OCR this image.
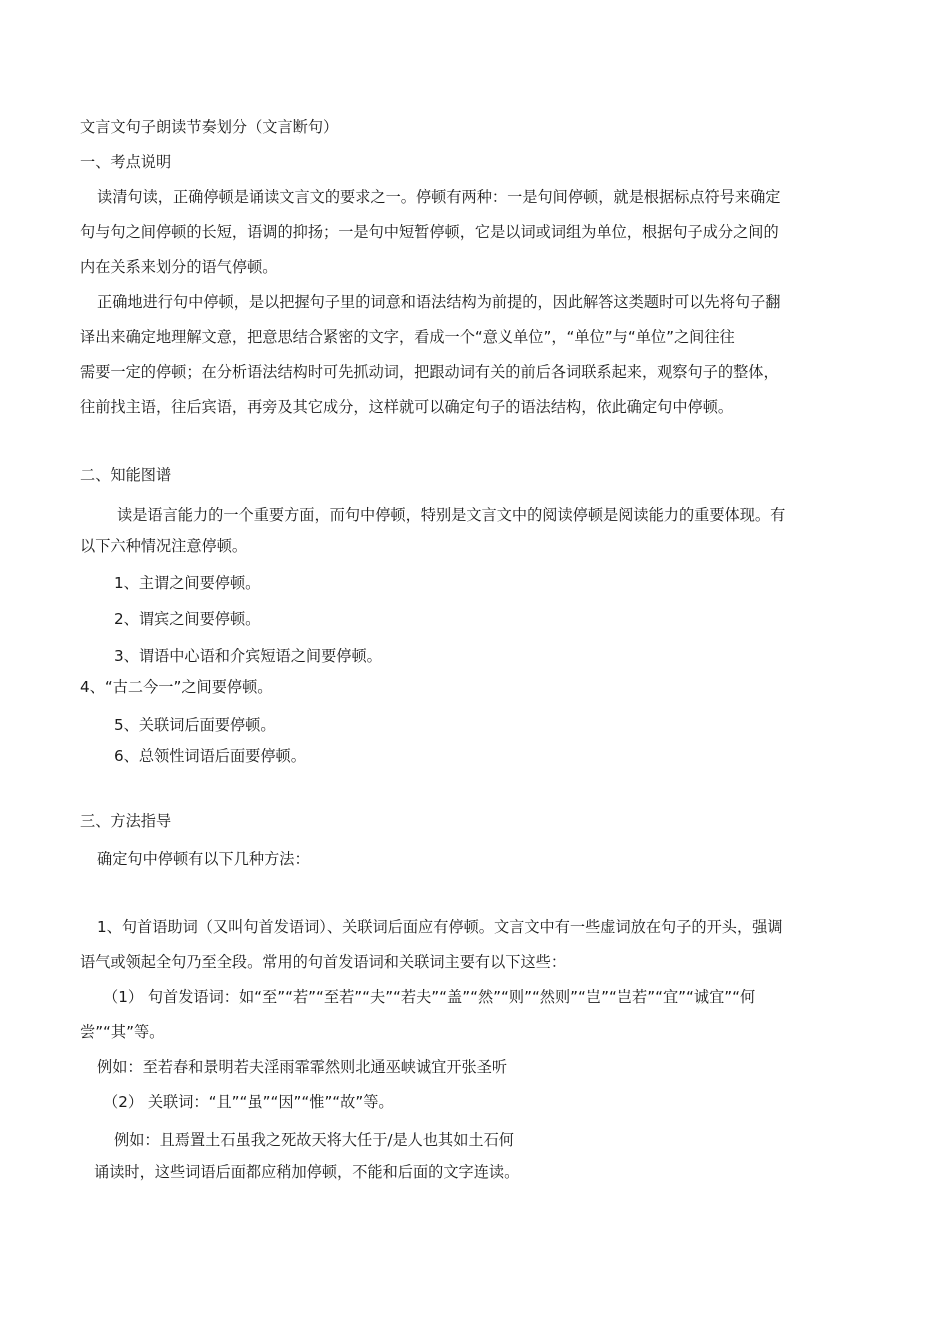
文言文句子朗读节奏划分（文言断句）
一、考点说明
读清句读，正确停顿是诵读文言文的要求之一。停顿有两种：一是句间停顿，就是根据标点符号来确定
句与句之间停顿的长短，语调的抑扬；一是句中短暂停顿，它是以词或词组为单位，根据句子成分之间的
内在关系来划分的语气停顿。
正确地进行句中停顿，是以把握句子里的词意和语法结构为前提的，因此解答这类题时可以先将句子翻
译出来确定地理解文意，把意思结合紧密的文字，看成一个“意义单位”，“单位”与“单位”之间往往
需要一定的停顿；在分析语法结构时可先抓动词，把跟动词有关的前后各词联系起来，观察句子的整体，
往前找主语，往后宾语，再旁及其它成分，这样就可以确定句子的语法结构，依此确定句中停顿。
二、知能图谱
读是语言能力的一个重要方面，而句中停顿，特别是文言文中的阅读停顿是阅读能力的重要体现。有
以下六种情况注意停顿。
1、主谓之间要停顿。
2、谓宾之间要停顿。
3、谓语中心语和介宾短语之间要停顿。
4、“古二今一”之间要停顿。
5、关联词后面要停顿。
6、总领性词语后面要停顿。
三、方法指导
确定句中停顿有以下几种方法：
1、句首语助词（又叫句首发语词）、关联词后面应有停顿。文言文中有一些虚词放在句子的开头，强调
语气或领起全句乃至全段。常用的句首发语词和关联词主要有以下这些：
（1） 句首发语词：如“至”“若”“至若”“夫”“若夫”“盖”“然”“则”“然则”“岂”“岂若”“宜”“诚宜”“何
尝”“其”等。
例如：至若春和景明若夫淫雨霏霏然则北通巫峡诚宜开张圣听
（2） 关联词：“且”“虽”“因”“惟”“故”等。
例如：且焉置土石虽我之死故天将大任于/是人也其如土石何
诵读时，这些词语后面都应稍加停顿，不能和后面的文字连读。
